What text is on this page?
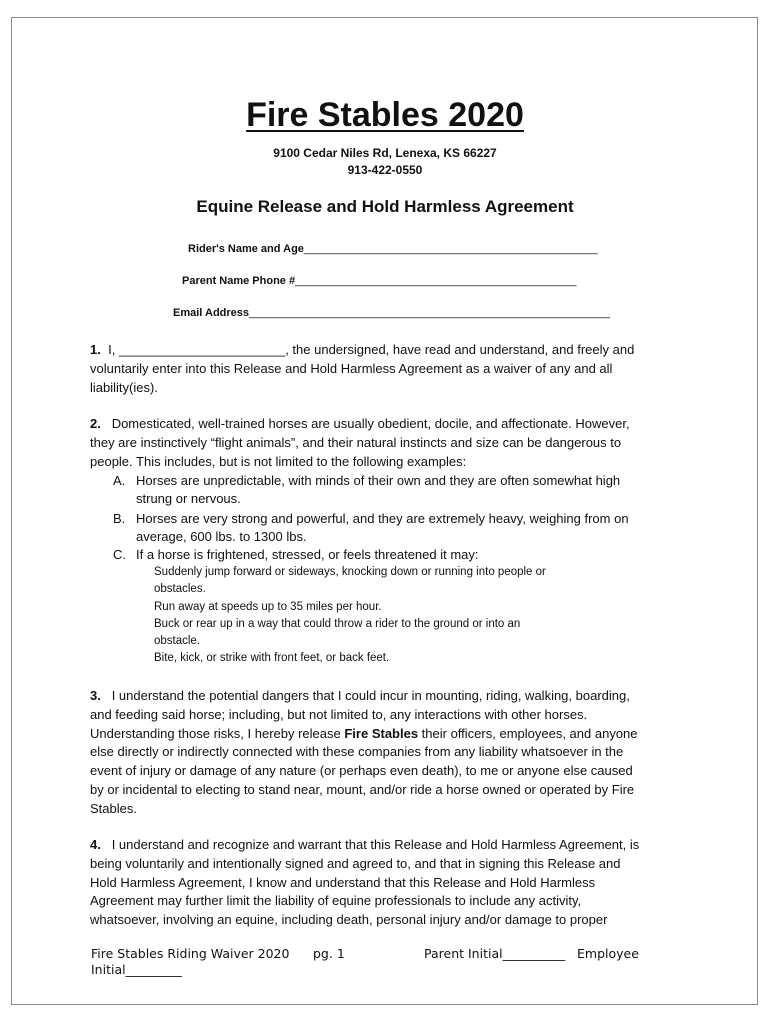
Fire Stables 2020
9100 Cedar Niles Rd, Lenexa, KS 66227
913-422-0550
Equine Release and Hold Harmless Agreement
Rider's Name and Age________________________________________________
Parent Name Phone #______________________________________________
Email Address___________________________________________________________
1. I, _______________________, the undersigned, have read and understand, and freely and
voluntarily enter into this Release and Hold Harmless Agreement as a waiver of any and all
liability(ies).
2. Domesticated, well-trained horses are usually obedient, docile, and affectionate. However,
they are instinctively “flight animals”, and their natural instincts and size can be dangerous to
people. This includes, but is not limited to the following examples:
A. Horses are unpredictable, with minds of their own and they are often somewhat high
strung or nervous.
B. Horses are very strong and powerful, and they are extremely heavy, weighing from on
average, 600 lbs. to 1300 lbs.
C. If a horse is frightened, stressed, or feels threatened it may:
Suddenly jump forward or sideways, knocking down or running into people or
obstacles.
Run away at speeds up to 35 miles per hour.
Buck or rear up in a way that could throw a rider to the ground or into an
obstacle.
Bite, kick, or strike with front feet, or back feet.
3. I understand the potential dangers that I could incur in mounting, riding, walking, boarding,
and feeding said horse; including, but not limited to, any interactions with other horses.
Understanding those risks, I hereby release Fire Stables their officers, employees, and anyone
else directly or indirectly connected with these companies from any liability whatsoever in the
event of injury or damage of any nature (or perhaps even death), to me or anyone else caused
by or incidental to electing to stand near, mount, and/or ride a horse owned or operated by Fire
Stables.
4. I understand and recognize and warrant that this Release and Hold Harmless Agreement, is
being voluntarily and intentionally signed and agreed to, and that in signing this Release and
Hold Harmless Agreement, I know and understand that this Release and Hold Harmless
Agreement may further limit the liability of equine professionals to include any activity,
whatsoever, involving an equine, including death, personal injury and/or damage to proper
Fire Stables Riding Waiver 2020 pg. 1	Parent Initial__________ Employee
Initial_________
